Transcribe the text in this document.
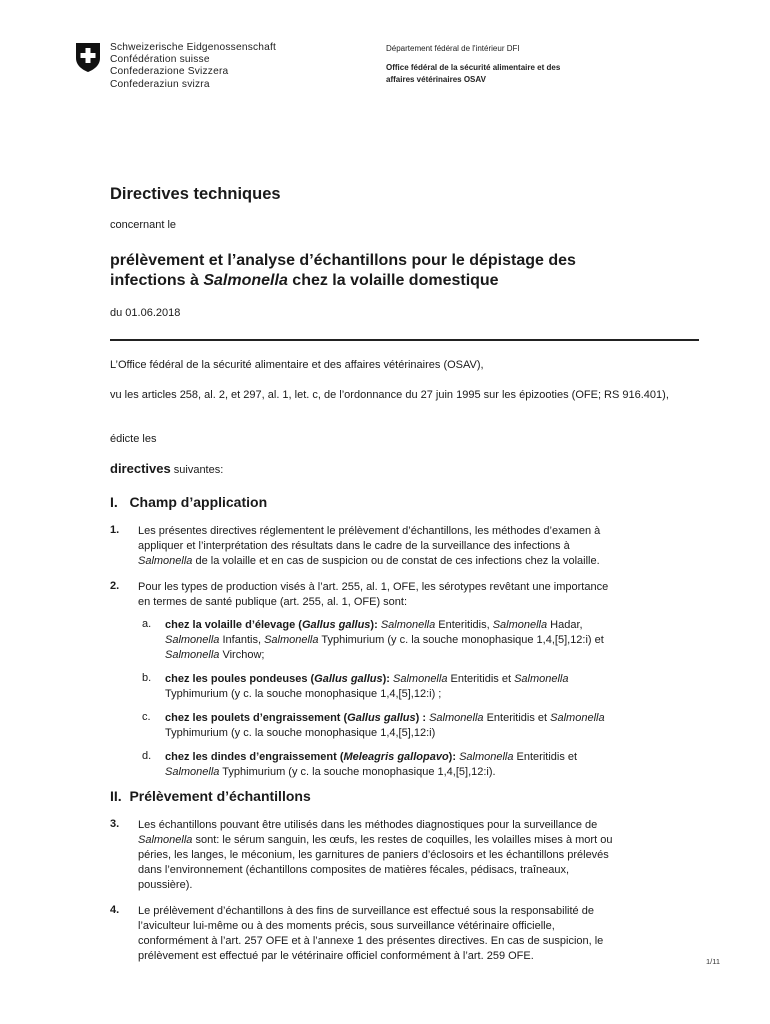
Schweizerische Eidgenossenschaft
Confédération suisse
Confederazione Svizzera
Confederaziun svizra
Département fédéral de l'intérieur DFI
Office fédéral de la sécurité alimentaire et des
affaires vétérinaires OSAV
Directives techniques
concernant le
prélèvement et l’analyse d’échantillons pour le dépistage des
infections à Salmonella chez la volaille domestique
du 01.06.2018
L’Office fédéral de la sécurité alimentaire et des affaires vétérinaires (OSAV),
vu les articles 258, al. 2, et 297, al. 1, let. c, de l’ordonnance du 27 juin 1995 sur les épizooties (OFE; RS 916.401),
édicte les
directives suivantes:
I.   Champ d’application
1. Les présentes directives réglementent le prélèvement d’échantillons, les méthodes d’examen à
appliquer et l’interprétation des résultats dans le cadre de la surveillance des infections à
Salmonella de la volaille et en cas de suspicion ou de constat de ces infections chez la volaille.
2. Pour les types de production visés à l’art. 255, al. 1, OFE, les sérotypes revêtant une importance
en termes de santé publique (art. 255, al. 1, OFE) sont:
a. chez la volaille d’élevage (Gallus gallus): Salmonella Enteritidis, Salmonella Hadar,
Salmonella Infantis, Salmonella Typhimurium (y c. la souche monophasique 1,4,[5],12:i) et
Salmonella Virchow;
b. chez les poules pondeuses (Gallus gallus): Salmonella Enteritidis et Salmonella
Typhimurium (y c. la souche monophasique 1,4,[5],12:i) ;
c. chez les poulets d’engraissement (Gallus gallus) : Salmonella Enteritidis et Salmonella
Typhimurium (y c. la souche monophasique 1,4,[5],12:i)
d. chez les dindes d’engraissement (Meleagris gallopavo): Salmonella Enteritidis et
Salmonella Typhimurium (y c. la souche monophasique 1,4,[5],12:i).
II.  Prélèvement d’échantillons
3. Les échantillons pouvant être utilisés dans les méthodes diagnostiques pour la surveillance de
Salmonella sont: le sérum sanguin, les œufs, les restes de coquilles, les volailles mises à mort ou
péries, les langes, le méconium, les garnitures de paniers d’éclosoirs et les échantillons prélevés
dans l’environnement (échantillons composites de matières fécales, pédisacs, traîneaux,
poussière).
4. Le prélèvement d’échantillons à des fins de surveillance est effectué sous la responsabilité de
l’aviculteur lui-même ou à des moments précis, sous surveillance vétérinaire officielle,
conformément à l’art. 257 OFE et à l’annexe 1 des présentes directives. En cas de suspicion, le
prélèvement est effectué par le vétérinaire officiel conformément à l’art. 259 OFE.	1/11
